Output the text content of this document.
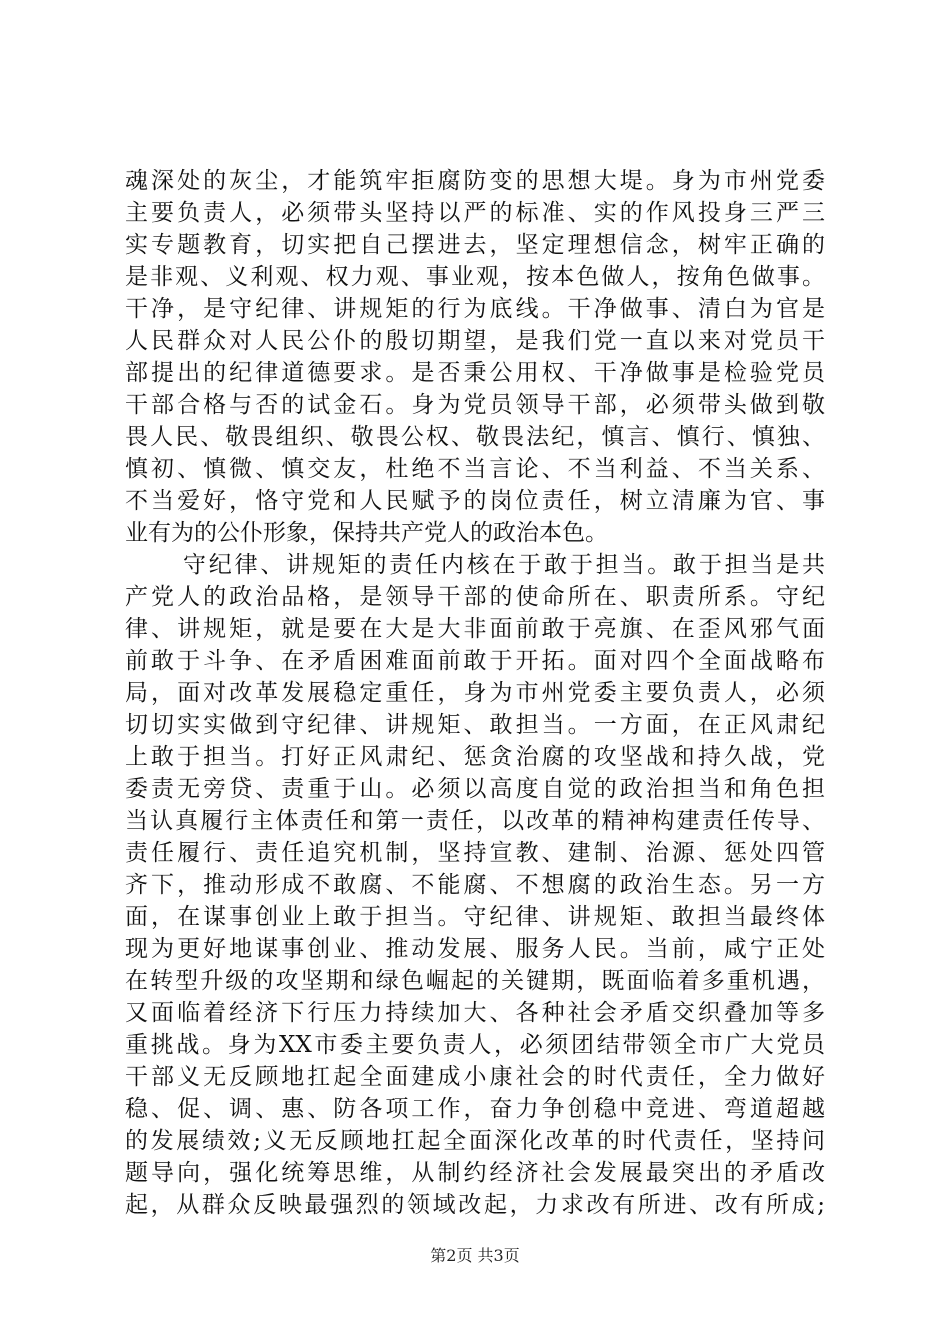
魂深处的灰尘，才能筑牢拒腐防变的思想大堤。身为市州党委
主要负责人，必须带头坚持以严的标准、实的作风投身三严三
实专题教育，切实把自己摆进去，坚定理想信念，树牢正确的
是非观、义利观、权力观、事业观，按本色做人，按角色做事。
干净，是守纪律、讲规矩的行为底线。干净做事、清白为官是
人民群众对人民公仆的殷切期望，是我们党一直以来对党员干
部提出的纪律道德要求。是否秉公用权、干净做事是检验党员
干部合格与否的试金石。身为党员领导干部，必须带头做到敬
畏人民、敬畏组织、敬畏公权、敬畏法纪，慎言、慎行、慎独、
慎初、慎微、慎交友，杜绝不当言论、不当利益、不当关系、
不当爱好，恪守党和人民赋予的岗位责任，树立清廉为官、事
业有为的公仆形象，保持共产党人的政治本色。
守纪律、讲规矩的责任内核在于敢于担当。敢于担当是共
产党人的政治品格，是领导干部的使命所在、职责所系。守纪
律、讲规矩，就是要在大是大非面前敢于亮旗、在歪风邪气面
前敢于斗争、在矛盾困难面前敢于开拓。面对四个全面战略布
局，面对改革发展稳定重任，身为市州党委主要负责人，必须
切切实实做到守纪律、讲规矩、敢担当。一方面，在正风肃纪
上敢于担当。打好正风肃纪、惩贪治腐的攻坚战和持久战，党
委责无旁贷、责重于山。必须以高度自觉的政治担当和角色担
当认真履行主体责任和第一责任，以改革的精神构建责任传导、
责任履行、责任追究机制，坚持宣教、建制、治源、惩处四管
齐下，推动形成不敢腐、不能腐、不想腐的政治生态。另一方
面，在谋事创业上敢于担当。守纪律、讲规矩、敢担当最终体
现为更好地谋事创业、推动发展、服务人民。当前，咸宁正处
在转型升级的攻坚期和绿色崛起的关键期，既面临着多重机遇，
又面临着经济下行压力持续加大、各种社会矛盾交织叠加等多
重挑战。身为XX市委主要负责人，必须团结带领全市广大党员
干部义无反顾地扛起全面建成小康社会的时代责任，全力做好
稳、促、调、惠、防各项工作，奋力争创稳中竞进、弯道超越
的发展绩效;义无反顾地扛起全面深化改革的时代责任，坚持问
题导向，强化统筹思维，从制约经济社会发展最突出的矛盾改
起，从群众反映最强烈的领域改起，力求改有所进、改有所成;
第2页 共3页
